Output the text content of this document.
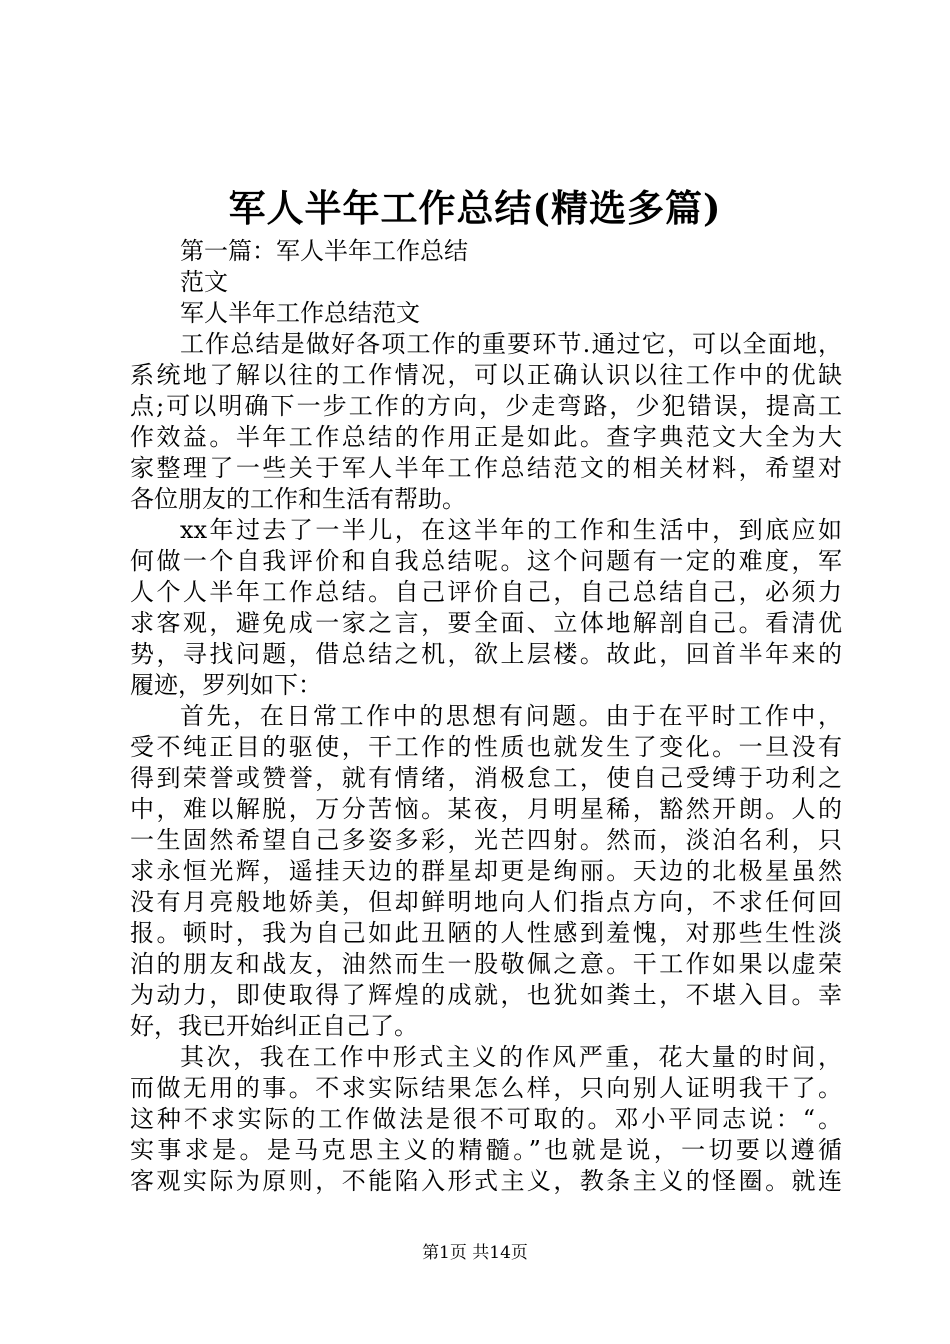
军人半年工作总结(精选多篇)
第一篇：军人半年工作总结
范文
军人半年工作总结范文
工作总结是做好各项工作的重要环节.通过它，可以全面地，
系统地了解以往的工作情况，可以正确认识以往工作中的优缺
点;可以明确下一步工作的方向，少走弯路，少犯错误，提高工
作效益。半年工作总结的作用正是如此。查字典范文大全为大
家整理了一些关于军人半年工作总结范文的相关材料，希望对
各位朋友的工作和生活有帮助。
xx年过去了一半儿，在这半年的工作和生活中，到底应如
何做一个自我评价和自我总结呢。这个问题有一定的难度，军
人个人半年工作总结。自己评价自己，自己总结自己，必须力
求客观，避免成一家之言，要全面、立体地解剖自己。看清优
势，寻找问题，借总结之机，欲上层楼。故此，回首半年来的
履迹，罗列如下：
首先，在日常工作中的思想有问题。由于在平时工作中，
受不纯正目的驱使，干工作的性质也就发生了变化。一旦没有
得到荣誉或赞誉，就有情绪，消极怠工，使自己受缚于功利之
中，难以解脱，万分苦恼。某夜，月明星稀，豁然开朗。人的
一生固然希望自己多姿多彩，光芒四射。然而，淡泊名利，只
求永恒光辉，遥挂天边的群星却更是绚丽。天边的北极星虽然
没有月亮般地娇美，但却鲜明地向人们指点方向，不求任何回
报。顿时，我为自己如此丑陋的人性感到羞愧，对那些生性淡
泊的朋友和战友，油然而生一股敬佩之意。干工作如果以虚荣
为动力，即使取得了辉煌的成就，也犹如粪土，不堪入目。幸
好，我已开始纠正自己了。
其次，我在工作中形式主义的作风严重，花大量的时间，
而做无用的事。不求实际结果怎么样，只向别人证明我干了。
这种不求实际的工作做法是很不可取的。邓小平同志说：“。
实事求是。是马克思主义的精髓。”也就是说，一切要以遵循
客观实际为原则，不能陷入形式主义，教条主义的怪圈。就连
第1页 共14页
